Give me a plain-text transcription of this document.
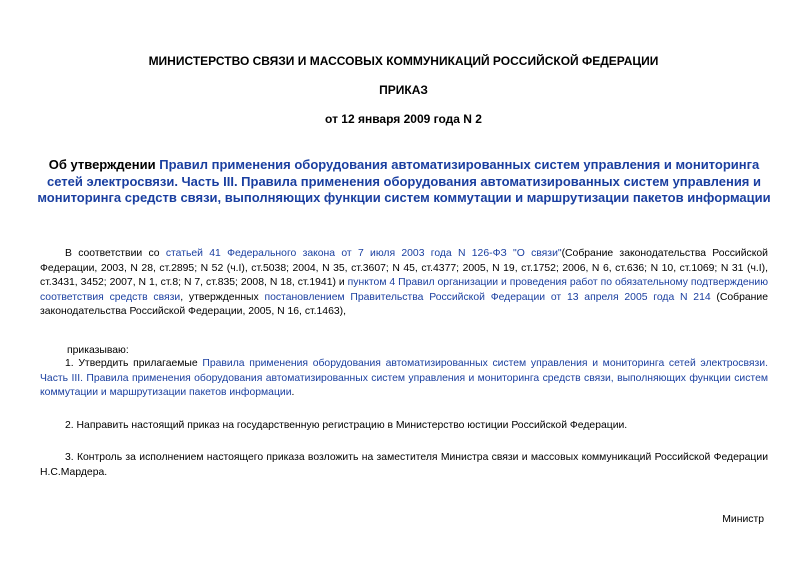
МИНИСТЕРСТВО СВЯЗИ И МАССОВЫХ КОММУНИКАЦИЙ РОССИЙСКОЙ ФЕДЕРАЦИИ

ПРИКАЗ

от 12 января 2009 года N 2

Об утверждении Правил применения оборудования автоматизированных систем управления и мониторинга сетей электросвязи. Часть III. Правила применения оборудования автоматизированных систем управления и мониторинга средств связи, выполняющих функции систем коммутации и маршрутизации пакетов информации

В соответствии со статьей 41 Федерального закона от 7 июля 2003 года N 126-ФЗ "О связи"(Собрание законодательства Российской Федерации, 2003, N 28, ст.2895; N 52 (ч.I), ст.5038; 2004, N 35, ст.3607; N 45, ст.4377; 2005, N 19, ст.1752; 2006, N 6, ст.636; N 10, ст.1069; N 31 (ч.I), ст.3431, 3452; 2007, N 1, ст.8; N 7, ст.835; 2008, N 18, ст.1941) и пунктом 4 Правил организации и проведения работ по обязательному подтверждению соответствия средств связи, утвержденных постановлением Правительства Российской Федерации от 13 апреля 2005 года N 214 (Собрание законодательства Российской Федерации, 2005, N 16, ст.1463),

приказываю:

1. Утвердить прилагаемые Правила применения оборудования автоматизированных систем управления и мониторинга сетей электросвязи. Часть III. Правила применения оборудования автоматизированных систем управления и мониторинга средств связи, выполняющих функции систем коммутации и маршрутизации пакетов информации.

2. Направить настоящий приказ на государственную регистрацию в Министерство юстиции Российской Федерации.

3. Контроль за исполнением настоящего приказа возложить на заместителя Министра связи и массовых коммуникаций Российской Федерации Н.С.Мардера.

Министр
